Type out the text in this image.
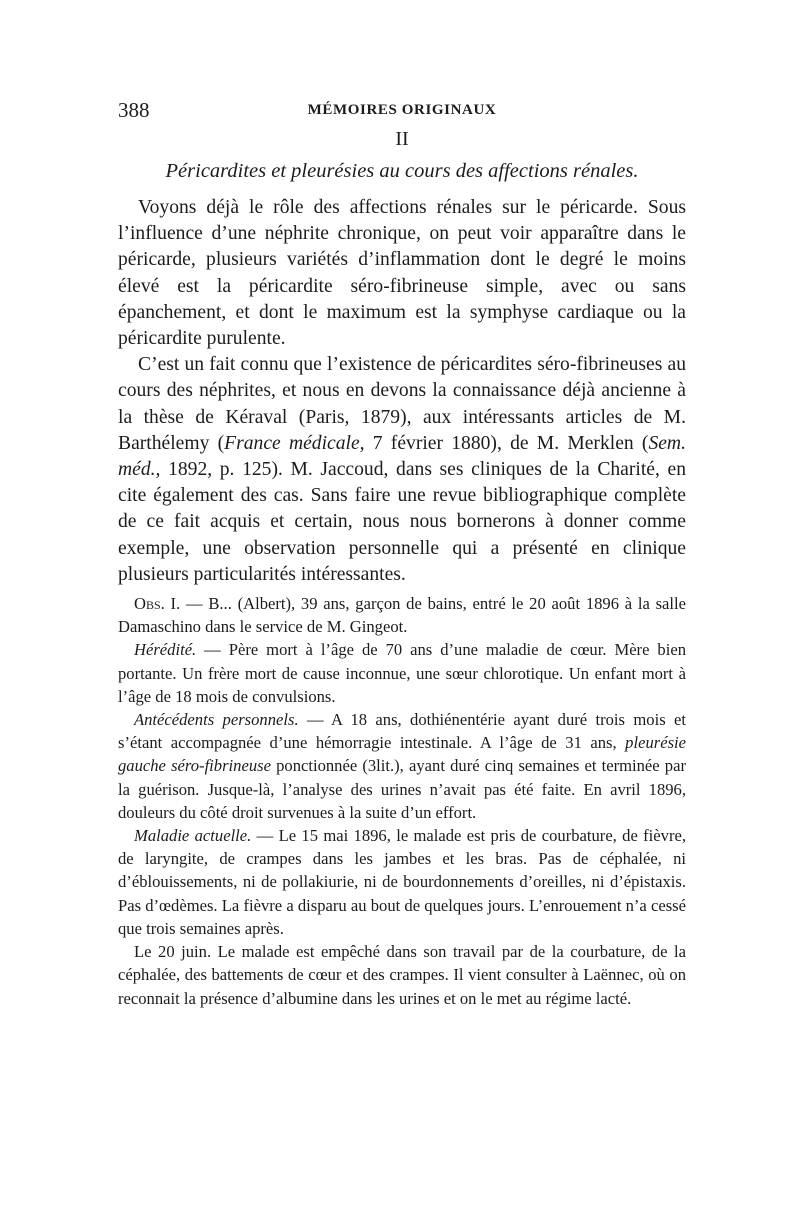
388	MÉMOIRES ORIGINAUX
II
Péricardites et pleurésies au cours des affections rénales.

Voyons déjà le rôle des affections rénales sur le péricarde. Sous l’influence d’une néphrite chronique, on peut voir apparaître dans le péricarde, plusieurs variétés d’inflammation dont le degré le moins élevé est la péricardite séro-fibrineuse simple, avec ou sans épanchement, et dont le maximum est la symphyse cardiaque ou la péricardite purulente.

C’est un fait connu que l’existence de péricardites séro-fibrineuses au cours des néphrites, et nous en devons la connaissance déjà ancienne à la thèse de Kéraval (Paris, 1879), aux intéressants articles de M. Barthélemy (France médicale, 7 février 1880), de M. Merklen (Sem. méd., 1892, p. 125). M. Jaccoud, dans ses cliniques de la Charité, en cite également des cas. Sans faire une revue bibliographique complète de ce fait acquis et certain, nous nous bornerons à donner comme exemple, une observation personnelle qui a présenté en clinique plusieurs particularités intéressantes.

Obs. I. — B... (Albert), 39 ans, garçon de bains, entré le 20 août 1896 à la salle Damaschino dans le service de M. Gingeot.

Hérédité. — Père mort à l’âge de 70 ans d’une maladie de cœur. Mère bien portante. Un frère mort de cause inconnue, une sœur chlorotique. Un enfant mort à l’âge de 18 mois de convulsions.

Antécédents personnels. — A 18 ans, dothiénentérie ayant duré trois mois et s’étant accompagnée d’une hémorragie intestinale. A l’âge de 31 ans, pleurésie gauche séro-fibrineuse ponctionnée (3lit.), ayant duré cinq semaines et terminée par la guérison. Jusque-là, l’analyse des urines n’avait pas été faite. En avril 1896, douleurs du côté droit survenues à la suite d’un effort.

Maladie actuelle. — Le 15 mai 1896, le malade est pris de courbature, de fièvre, de laryngite, de crampes dans les jambes et les bras. Pas de céphalée, ni d’éblouissements, ni de pollakiurie, ni de bourdonnements d’oreilles, ni d’épistaxis. Pas d’œdèmes. La fièvre a disparu au bout de quelques jours. L’enrouement n’a cessé que trois semaines après.

Le 20 juin. Le malade est empêché dans son travail par de la courbature, de la céphalée, des battements de cœur et des crampes. Il vient consulter à Laënnec, où on reconnait la présence d’albumine dans les urines et on le met au régime lacté.
